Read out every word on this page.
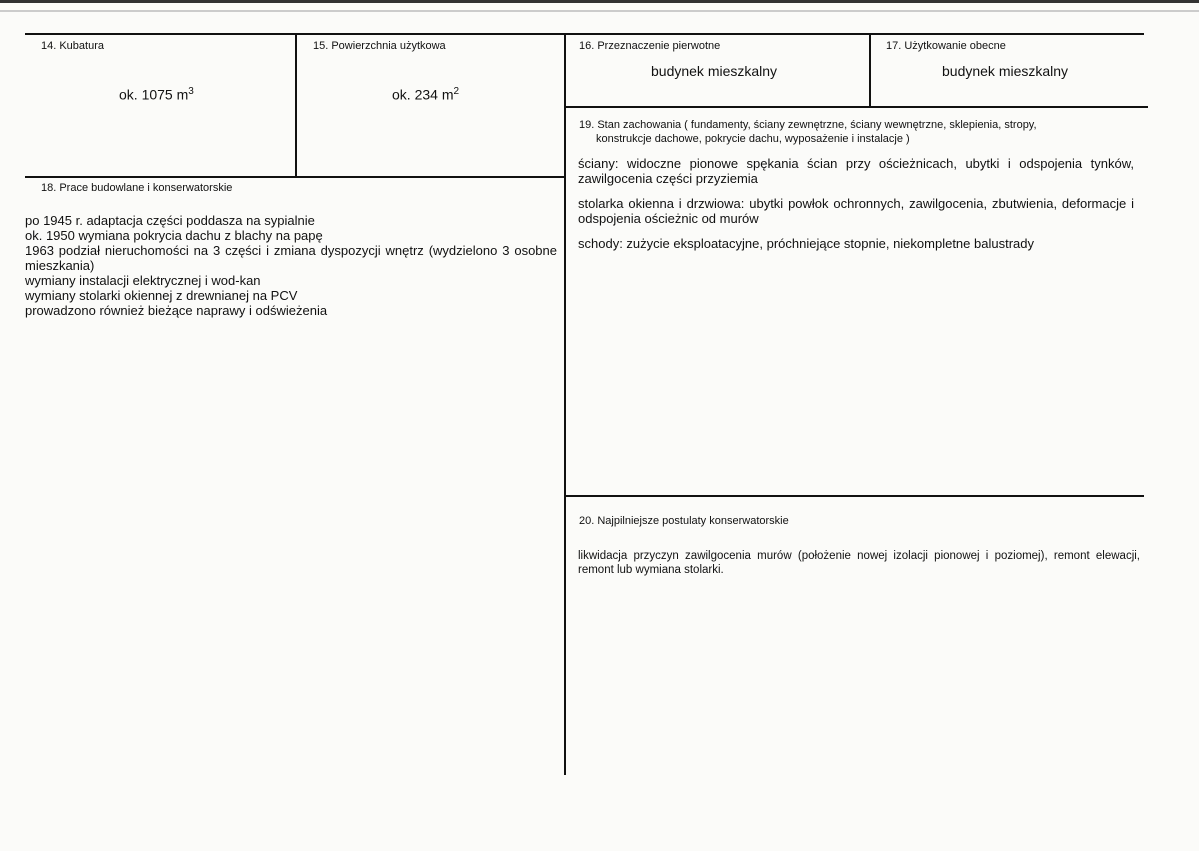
14. Kubatura
ok. 1075 $m^3$
15. Powierzchnia użytkowa
ok. 234 $m^2$
16. Przeznaczenie pierwotne
budynek mieszkalny
17. Użytkowanie obecne
budynek mieszkalny
18. Prace budowlane i konserwatorskie
po 1945 r. adaptacja części poddasza na sypialnie
ok. 1950 wymiana pokrycia dachu z blachy na papę
1963 podział nieruchomości na 3 części i zmiana dyspozycji wnętrz (wydzielono 3 osobne mieszkania)
wymiany instalacji elektrycznej i wod-kan
wymiany stolarki okiennej z drewnianej na PCV
prowadzono również bieżące naprawy i odświeżenia
19. Stan zachowania ( fundamenty, ściany zewnętrzne, ściany wewnętrzne, sklepienia, stropy,
konstrukcje dachowe, pokrycie dachu, wyposażenie i instalacje )
ściany: widoczne pionowe spękania ścian przy ościeżnicach, ubytki i odspojenia tynków, zawilgocenia części przyziemia
stolarka okienna i drzwiowa: ubytki powłok ochronnych, zawilgocenia, zbutwienia, deformacje i odspojenia ościeżnic od murów
schody: zużycie eksploatacyjne, próchniejące stopnie, niekompletne balustrady
20. Najpilniejsze postulaty konserwatorskie
likwidacja przyczyn zawilgocenia murów (położenie nowej izolacji pionowej i poziomej), remont elewacji, remont lub wymiana stolarki.
